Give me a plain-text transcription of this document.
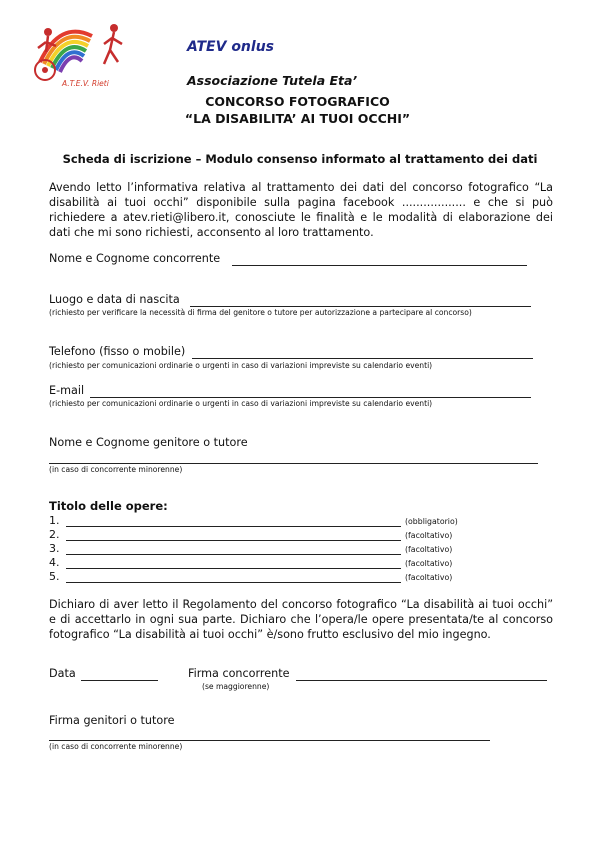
A.T.E.V. Rieti
ATEV onlus
Associazione Tutela Eta’
CONCORSO FOTOGRAFICO
“LA DISABILITA’ AI TUOI OCCHI”
Scheda di iscrizione – Modulo consenso informato al trattamento dei dati
Avendo letto l’informativa relativa al trattamento dei dati del concorso fotografico “La disabilità ai tuoi occhi” disponibile sulla pagina facebook .................. e che si può richiedere a atev.rieti@libero.it, conosciute le finalità e le modalità di elaborazione dei dati che mi sono richiesti, acconsento al loro trattamento.
Nome e Cognome concorrente
Luogo e data di nascita
(richiesto per verificare la necessità di firma del genitore o tutore per autorizzazione a partecipare al concorso)
Telefono (fisso o mobile)
(richiesto per comunicazioni ordinarie o urgenti in caso di variazioni impreviste su calendario eventi)
E-mail
(richiesto per comunicazioni ordinarie o urgenti in caso di variazioni impreviste su calendario eventi)
Nome e Cognome genitore o tutore
(in caso di concorrente minorenne)
Titolo delle opere:
1.	(obbligatorio)
2.	(facoltativo)
3.	(facoltativo)
4.	(facoltativo)
5.	(facoltativo)
Dichiaro di aver letto il Regolamento del concorso fotografico “La disabilità ai tuoi occhi” e di accettarlo in ogni sua parte. Dichiaro che l’opera/le opere presentata/te al concorso fotografico “La disabilità ai tuoi occhi” è/sono frutto esclusivo del mio ingegno.
Data	Firma concorrente
(se maggiorenne)
Firma genitori o tutore
(in caso di concorrente minorenne)
